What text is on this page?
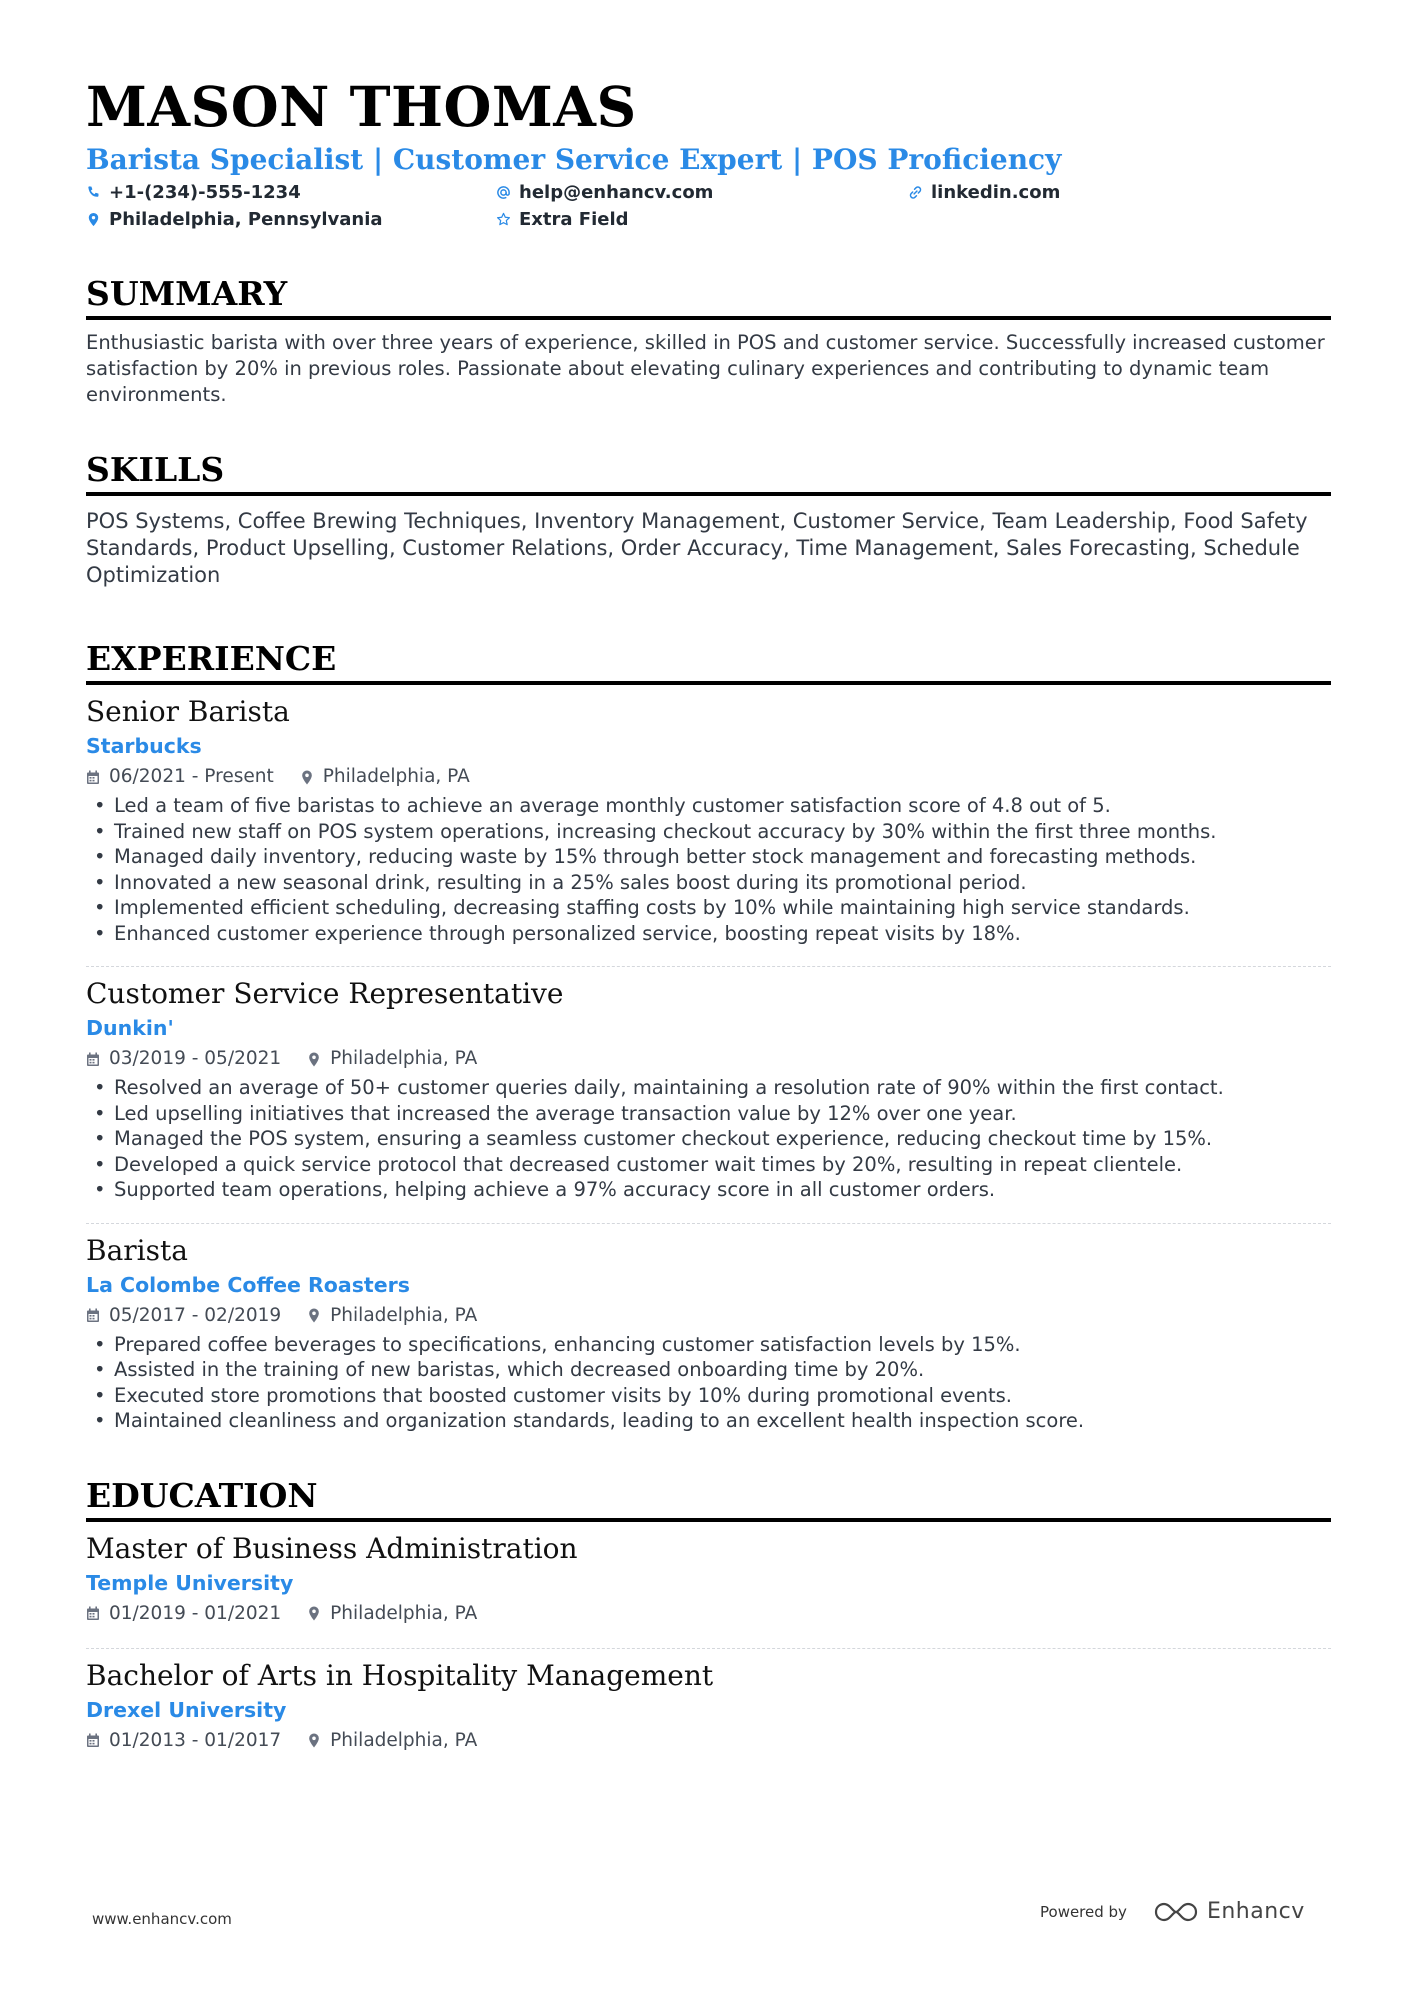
MASON THOMAS
Barista Specialist | Customer Service Expert | POS Proficiency
+1-(234)-555-1234	help@enhancv.com	linkedin.com
Philadelphia, Pennsylvania	Extra Field
SUMMARY
Enthusiastic barista with over three years of experience, skilled in POS and customer service. Successfully increased customer satisfaction by 20% in previous roles. Passionate about elevating culinary experiences and contributing to dynamic team environments.
SKILLS
POS Systems, Coffee Brewing Techniques, Inventory Management, Customer Service, Team Leadership, Food Safety Standards, Product Upselling, Customer Relations, Order Accuracy, Time Management, Sales Forecasting, Schedule Optimization
EXPERIENCE
Senior Barista
Starbucks
06/2021 - Present	Philadelphia, PA
• Led a team of five baristas to achieve an average monthly customer satisfaction score of 4.8 out of 5.
• Trained new staff on POS system operations, increasing checkout accuracy by 30% within the first three months.
• Managed daily inventory, reducing waste by 15% through better stock management and forecasting methods.
• Innovated a new seasonal drink, resulting in a 25% sales boost during its promotional period.
• Implemented efficient scheduling, decreasing staffing costs by 10% while maintaining high service standards.
• Enhanced customer experience through personalized service, boosting repeat visits by 18%.
Customer Service Representative
Dunkin'
03/2019 - 05/2021	Philadelphia, PA
• Resolved an average of 50+ customer queries daily, maintaining a resolution rate of 90% within the first contact.
• Led upselling initiatives that increased the average transaction value by 12% over one year.
• Managed the POS system, ensuring a seamless customer checkout experience, reducing checkout time by 15%.
• Developed a quick service protocol that decreased customer wait times by 20%, resulting in repeat clientele.
• Supported team operations, helping achieve a 97% accuracy score in all customer orders.
Barista
La Colombe Coffee Roasters
05/2017 - 02/2019	Philadelphia, PA
• Prepared coffee beverages to specifications, enhancing customer satisfaction levels by 15%.
• Assisted in the training of new baristas, which decreased onboarding time by 20%.
• Executed store promotions that boosted customer visits by 10% during promotional events.
• Maintained cleanliness and organization standards, leading to an excellent health inspection score.
EDUCATION
Master of Business Administration
Temple University
01/2019 - 01/2021	Philadelphia, PA
Bachelor of Arts in Hospitality Management
Drexel University
01/2013 - 01/2017	Philadelphia, PA
www.enhancv.com	Powered by	Enhancv
